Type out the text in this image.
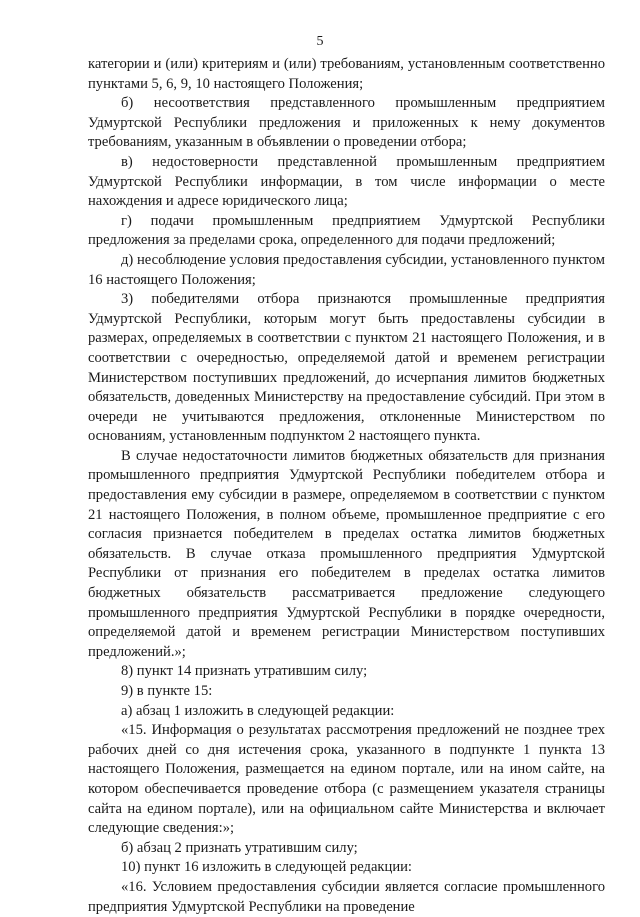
5

категории и (или) критериям и (или) требованиям, установленным соответственно пунктами 5, 6, 9, 10 настоящего Положения;

б) несоответствия представленного промышленным предприятием Удмуртской Республики предложения и приложенных к нему документов требованиям, указанным в объявлении о проведении отбора;

в) недостоверности представленной промышленным предприятием Удмуртской Республики информации, в том числе информации о месте нахождения и адресе юридического лица;

г) подачи промышленным предприятием Удмуртской Республики предложения за пределами срока, определенного для подачи предложений;

д) несоблюдение условия предоставления субсидии, установленного пунктом 16 настоящего Положения;

3) победителями отбора признаются промышленные предприятия Удмуртской Республики, которым могут быть предоставлены субсидии в размерах, определяемых в соответствии с пунктом 21 настоящего Положения, и в соответствии с очередностью, определяемой датой и временем регистрации Министерством поступивших предложений, до исчерпания лимитов бюджетных обязательств, доведенных Министерству на предоставление субсидий. При этом в очереди не учитываются предложения, отклоненные Министерством по основаниям, установленным подпунктом 2 настоящего пункта.

В случае недостаточности лимитов бюджетных обязательств для признания промышленного предприятия Удмуртской Республики победителем отбора и предоставления ему субсидии в размере, определяемом в соответствии с пунктом 21 настоящего Положения, в полном объеме, промышленное предприятие с его согласия признается победителем в пределах остатка лимитов бюджетных обязательств. В случае отказа промышленного предприятия Удмуртской Республики от признания его победителем в пределах остатка лимитов бюджетных обязательств рассматривается предложение следующего промышленного предприятия Удмуртской Республики в порядке очередности, определяемой датой и временем регистрации Министерством поступивших предложений.»;

8) пункт 14 признать утратившим силу;

9) в пункте 15:

а) абзац 1 изложить в следующей редакции:

«15. Информация о результатах рассмотрения предложений не позднее трех рабочих дней со дня истечения срока, указанного в подпункте 1 пункта 13 настоящего Положения, размещается на едином портале, или на ином сайте, на котором обеспечивается проведение отбора (с размещением указателя страницы сайта на едином портале), или на официальном сайте Министерства и включает следующие сведения:»;

б) абзац 2 признать утратившим силу;

10) пункт 16 изложить в следующей редакции:

«16. Условием предоставления субсидии является согласие промышленного предприятия Удмуртской Республики на проведение
